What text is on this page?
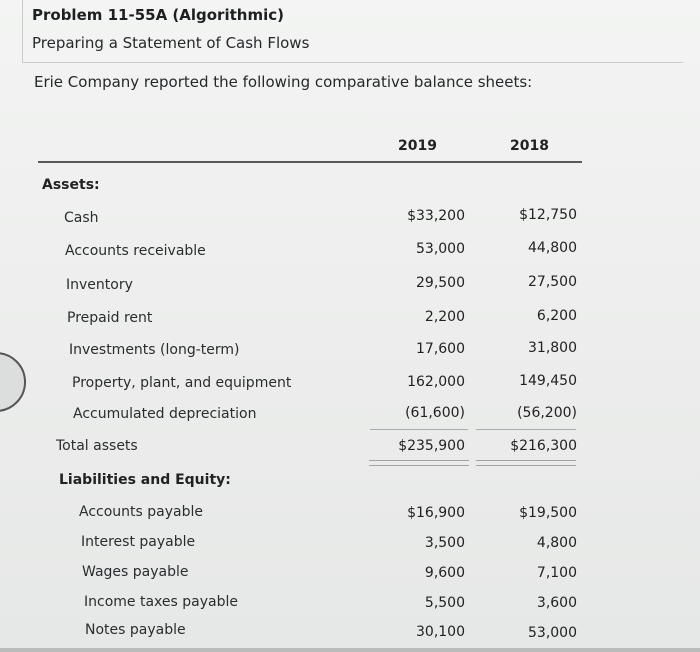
Problem 11-55A (Algorithmic)
Preparing a Statement of Cash Flows
Erie Company reported the following comparative balance sheets:
2019	2018
Assets:
Cash	$33,200	$12,750
Accounts receivable	53,000	44,800
Inventory	29,500	27,500
Prepaid rent	2,200	6,200
Investments (long-term)	17,600	31,800
Property, plant, and equipment	162,000	149,450
Accumulated depreciation	(61,600)	(56,200)
Total assets	$235,900	$216,300
Liabilities and Equity:
Accounts payable	$16,900	$19,500
Interest payable	3,500	4,800
Wages payable	9,600	7,100
Income taxes payable	5,500	3,600
Notes payable	30,100	53,000
